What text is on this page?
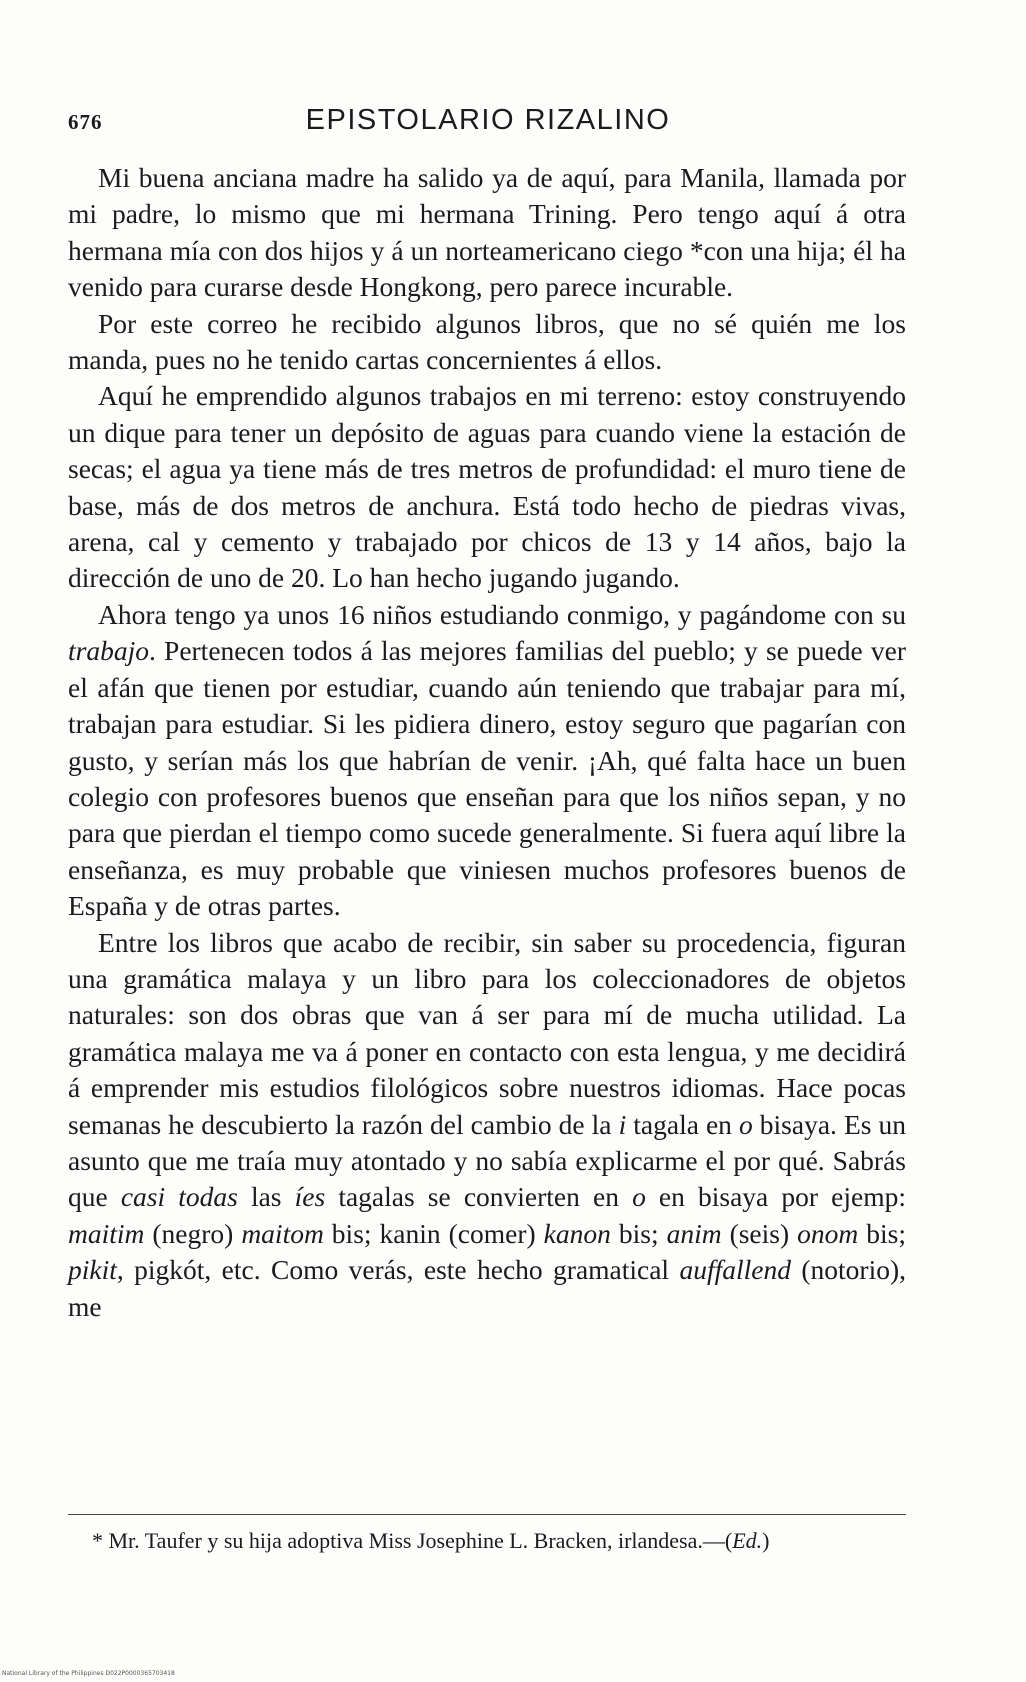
676	EPISTOLARIO RIZALINO

Mi buena anciana madre ha salido ya de aquí, para Manila, llamada por mi padre, lo mismo que mi hermana Trining. Pero tengo aquí á otra hermana mía con dos hijos y á un norteamericano ciego *con una hija; él ha venido para curarse desde Hongkong, pero parece incurable.

Por este correo he recibido algunos libros, que no sé quién me los manda, pues no he tenido cartas concernientes á ellos.

Aquí he emprendido algunos trabajos en mi terreno: estoy construyendo un dique para tener un depósito de aguas para cuando viene la estación de secas; el agua ya tiene más de tres metros de profundidad: el muro tiene de base, más de dos metros de anchura. Está todo hecho de piedras vivas, arena, cal y cemento y trabajado por chicos de 13 y 14 años, bajo la dirección de uno de 20. Lo han hecho jugando jugando.

Ahora tengo ya unos 16 niños estudiando conmigo, y pagándome con su trabajo. Pertenecen todos á las mejores familias del pueblo; y se puede ver el afán que tienen por estudiar, cuando aún teniendo que trabajar para mí, trabajan para estudiar. Si les pidiera dinero, estoy seguro que pagarían con gusto, y serían más los que habrían de venir. ¡Ah, qué falta hace un buen colegio con profesores buenos que enseñan para que los niños sepan, y no para que pierdan el tiempo como sucede generalmente. Si fuera aquí libre la enseñanza, es muy probable que viniesen muchos profesores buenos de España y de otras partes.

Entre los libros que acabo de recibir, sin saber su procedencia, figuran una gramática malaya y un libro para los coleccionadores de objetos naturales: son dos obras que van á ser para mí de mucha utilidad. La gramática malaya me va á poner en contacto con esta lengua, y me decidirá á emprender mis estudios filológicos sobre nuestros idiomas. Hace pocas semanas he descubierto la razón del cambio de la i tagala en o bisaya. Es un asunto que me traía muy atontado y no sabía explicarme el por qué. Sabrás que casi todas las íes tagalas se convierten en o en bisaya por ejemp: maitim (negro) maitom bis; kanin (comer) kanon bis; anim (seis) onom bis; pikit, pigkót, etc. Como verás, este hecho gramatical auffallend (notorio), me

* Mr. Taufer y su hija adoptiva Miss Josephine L. Bracken, irlandesa.—(Ed.)
National Library of the Philippines D022P0000365703418
